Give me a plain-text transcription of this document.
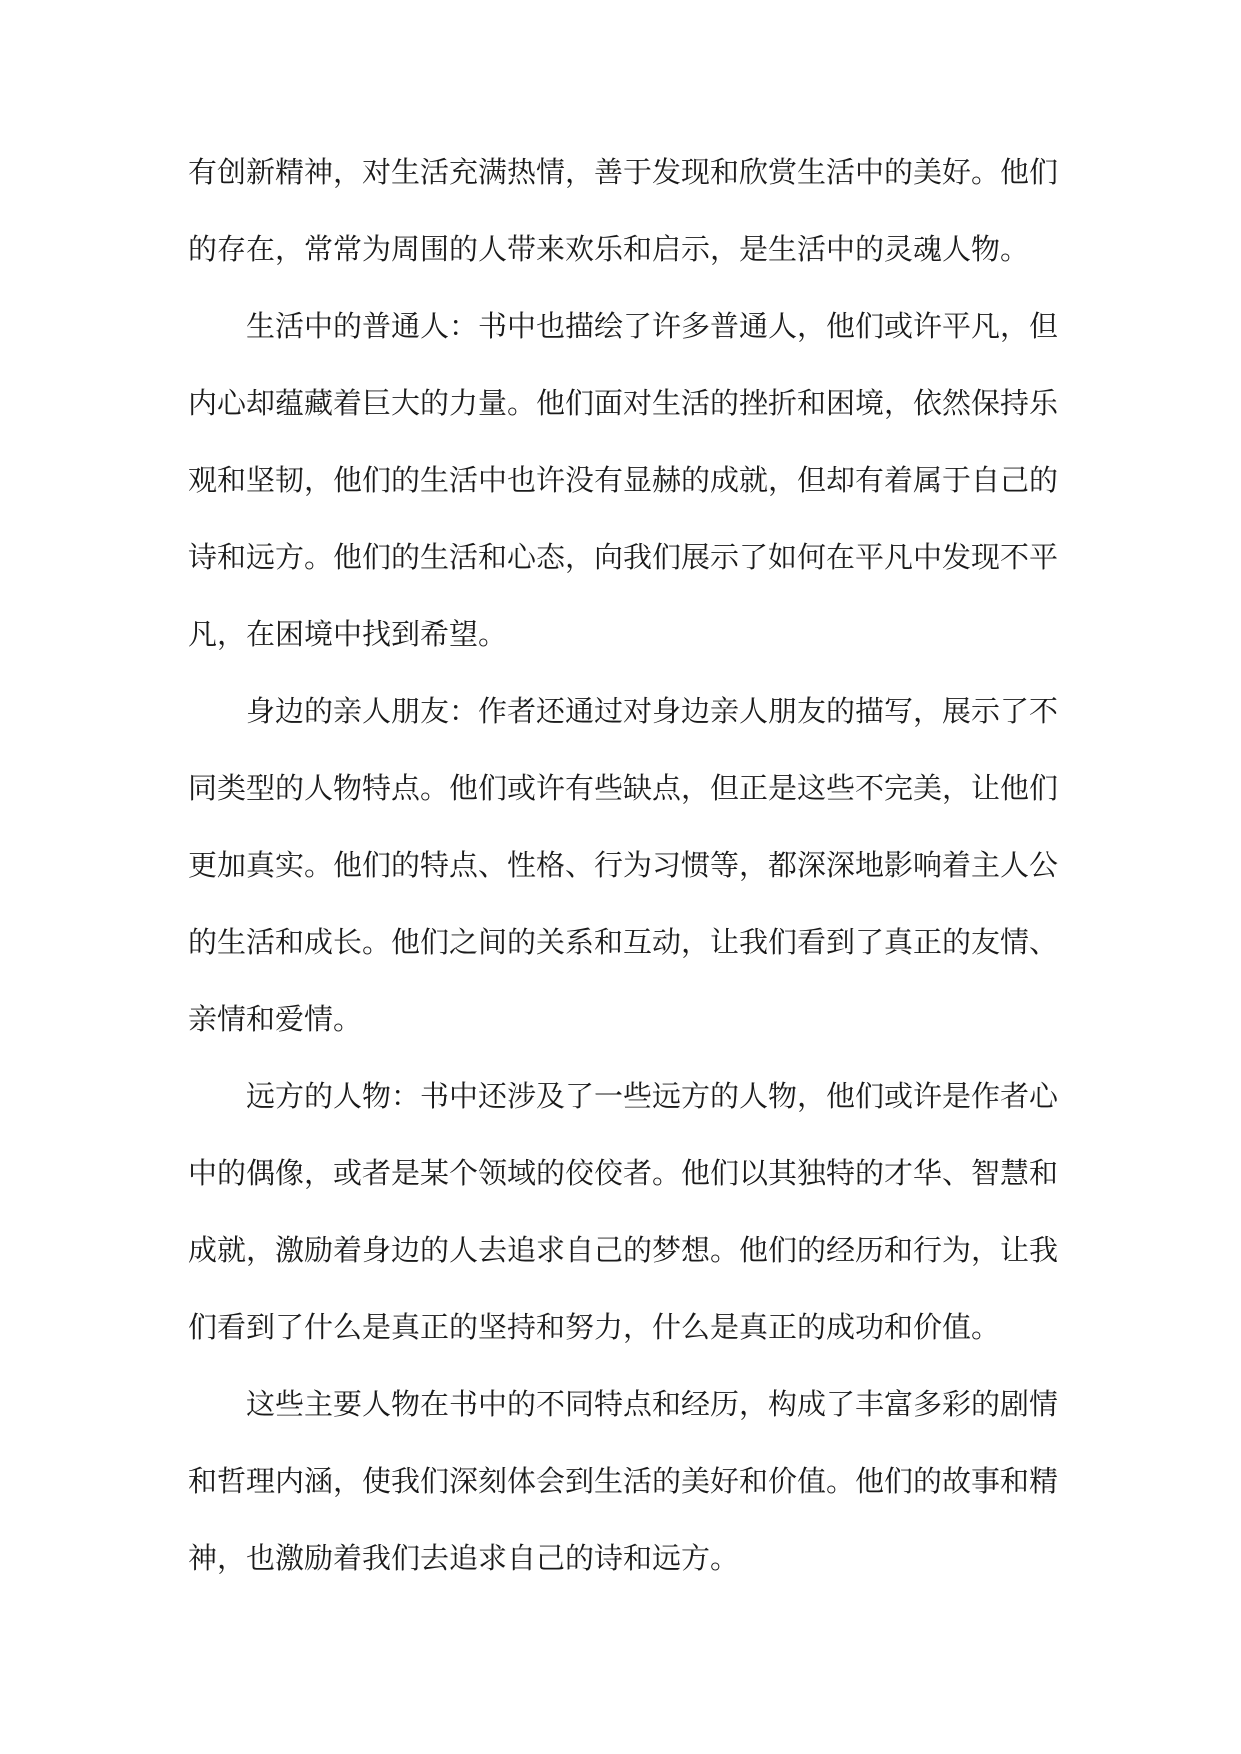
有创新精神，对生活充满热情，善于发现和欣赏生活中的美好。他们
的存在，常常为周围的人带来欢乐和启示，是生活中的灵魂人物。
生活中的普通人：书中也描绘了许多普通人，他们或许平凡，但
内心却蕴藏着巨大的力量。他们面对生活的挫折和困境，依然保持乐
观和坚韧，他们的生活中也许没有显赫的成就，但却有着属于自己的
诗和远方。他们的生活和心态，向我们展示了如何在平凡中发现不平
凡，在困境中找到希望。
身边的亲人朋友：作者还通过对身边亲人朋友的描写，展示了不
同类型的人物特点。他们或许有些缺点，但正是这些不完美，让他们
更加真实。他们的特点、性格、行为习惯等，都深深地影响着主人公
的生活和成长。他们之间的关系和互动，让我们看到了真正的友情、
亲情和爱情。
远方的人物：书中还涉及了一些远方的人物，他们或许是作者心
中的偶像，或者是某个领域的佼佼者。他们以其独特的才华、智慧和
成就，激励着身边的人去追求自己的梦想。他们的经历和行为，让我
们看到了什么是真正的坚持和努力，什么是真正的成功和价值。
这些主要人物在书中的不同特点和经历，构成了丰富多彩的剧情
和哲理内涵，使我们深刻体会到生活的美好和价值。他们的故事和精
神，也激励着我们去追求自己的诗和远方。
